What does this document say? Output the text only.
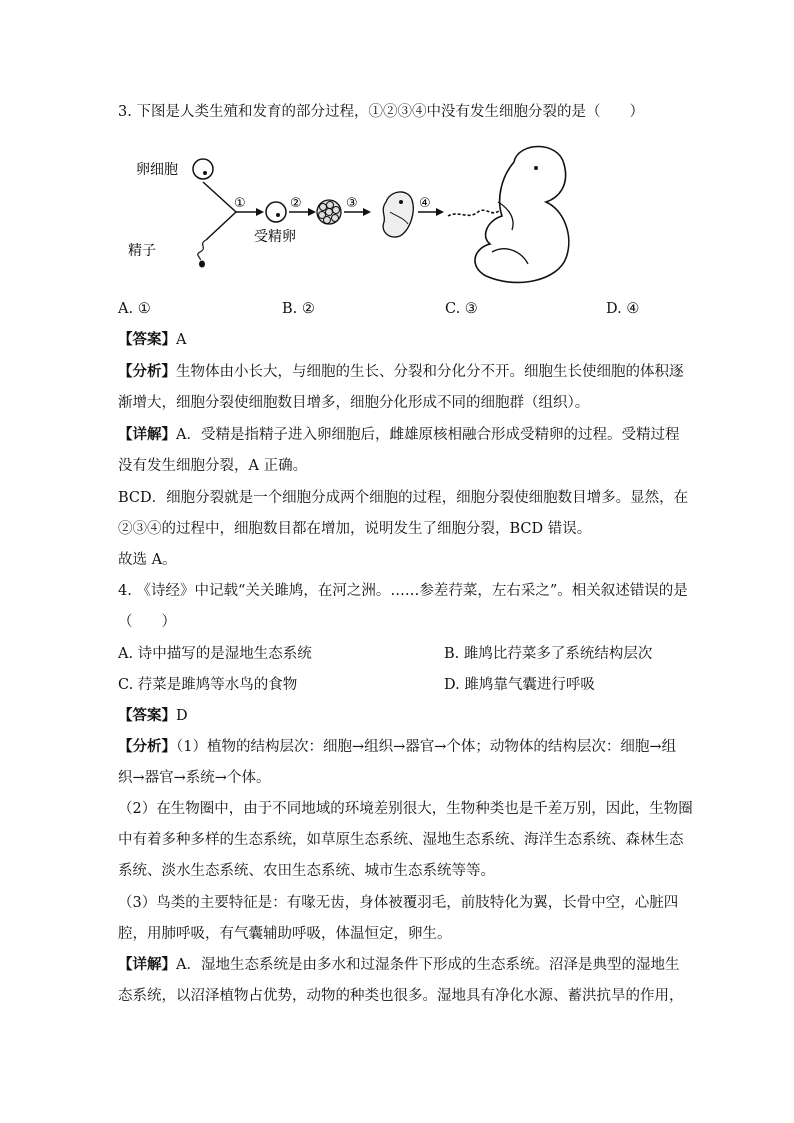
3. 下图是人类生殖和发育的部分过程，①②③④中没有发生细胞分裂的是（　　）
卵细胞
精子
①
受精卵
②	③	④
A. ①	B. ②	C. ③	D. ④
【答案】A
【分析】生物体由小长大，与细胞的生长、分裂和分化分不开。细胞生长使细胞的体积逐
渐增大，细胞分裂使细胞数目增多，细胞分化形成不同的细胞群（组织）。
【详解】A．受精是指精子进入卵细胞后，雌雄原核相融合形成受精卵的过程。受精过程
没有发生细胞分裂，A 正确。
BCD．细胞分裂就是一个细胞分成两个细胞的过程，细胞分裂使细胞数目增多。显然，在
②③④的过程中，细胞数目都在增加，说明发生了细胞分裂，BCD 错误。
故选 A。
4. 《诗经》中记载“关关雎鸠，在河之洲。……参差荇菜，左右采之”。相关叙述错误的是
（　　）
A. 诗中描写的是湿地生态系统	B. 雎鸠比荇菜多了系统结构层次
C. 荇菜是雎鸠等水鸟的食物	D. 雎鸠靠气囊进行呼吸
【答案】D
【分析】（1）植物的结构层次：细胞→组织→器官→个体；动物体的结构层次：细胞→组
织→器官→系统→个体。
（2）在生物圈中，由于不同地域的环境差别很大，生物种类也是千差万别，因此，生物圈
中有着多种多样的生态系统，如草原生态系统、湿地生态系统、海洋生态系统、森林生态
系统、淡水生态系统、农田生态系统、城市生态系统等等。
（3）鸟类的主要特征是：有喙无齿，身体被覆羽毛，前肢特化为翼，长骨中空，心脏四
腔，用肺呼吸，有气囊辅助呼吸，体温恒定，卵生。
【详解】A．湿地生态系统是由多水和过湿条件下形成的生态系统。沼泽是典型的湿地生
态系统，以沼泽植物占优势，动物的种类也很多。湿地具有净化水源、蓄洪抗旱的作用，
